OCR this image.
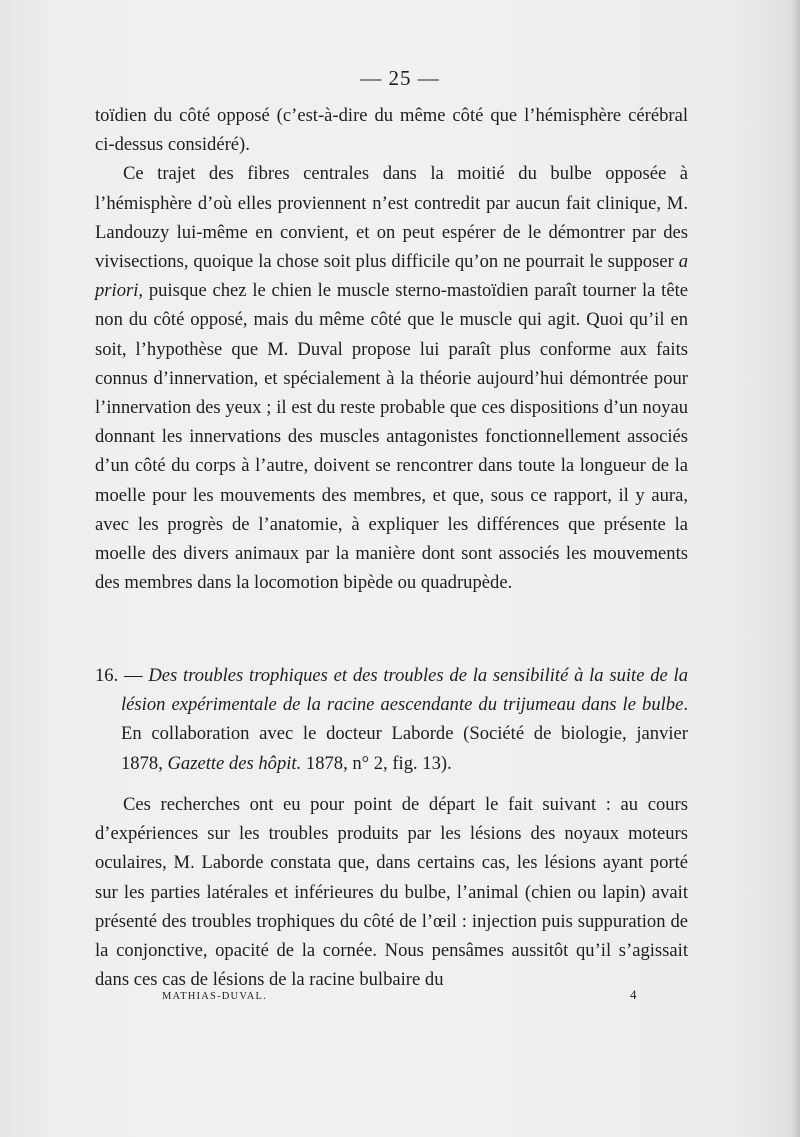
— 25 —

toïdien du côté opposé (c’est-à-dire du même côté que l’hémisphère cérébral ci-dessus considéré).

Ce trajet des fibres centrales dans la moitié du bulbe opposée à l’hémisphère d’où elles proviennent n’est contredit par aucun fait clinique, M. Landouzy lui-même en convient, et on peut espérer de le démontrer par des vivisections, quoique la chose soit plus difficile qu’on ne pourrait le supposer a priori, puisque chez le chien le muscle sterno-mastoïdien paraît tourner la tête non du côté opposé, mais du même côté que le muscle qui agit. Quoi qu’il en soit, l’hypothèse que M. Duval propose lui paraît plus conforme aux faits connus d’innervation, et spécialement à la théorie aujourd’hui démontrée pour l’innervation des yeux ; il est du reste probable que ces dispositions d’un noyau donnant les innervations des muscles antagonistes fonctionnellement associés d’un côté du corps à l’autre, doivent se rencontrer dans toute la longueur de la moelle pour les mouvements des membres, et que, sous ce rapport, il y aura, avec les progrès de l’anatomie, à expliquer les différences que présente la moelle des divers animaux par la manière dont sont associés les mouvements des membres dans la locomotion bipède ou quadrupède.

16. — Des troubles trophiques et des troubles de la sensibilité à la suite de la lésion expérimentale de la racine aescendante du trijumeau dans le bulbe. En collaboration avec le docteur Laborde (Société de biologie, janvier 1878, Gazette des hôpit. 1878, n° 2, fig. 13).

Ces recherches ont eu pour point de départ le fait suivant : au cours d’expériences sur les troubles produits par les lésions des noyaux moteurs oculaires, M. Laborde constata que, dans certains cas, les lésions ayant porté sur les parties latérales et inférieures du bulbe, l’animal (chien ou lapin) avait présenté des troubles trophiques du côté de l’œil : injection puis suppuration de la conjonctive, opacité de la cornée. Nous pensâmes aussitôt qu’il s’agissait dans ces cas de lésions de la racine bulbaire du

MATHIAS-DUVAL.	4
